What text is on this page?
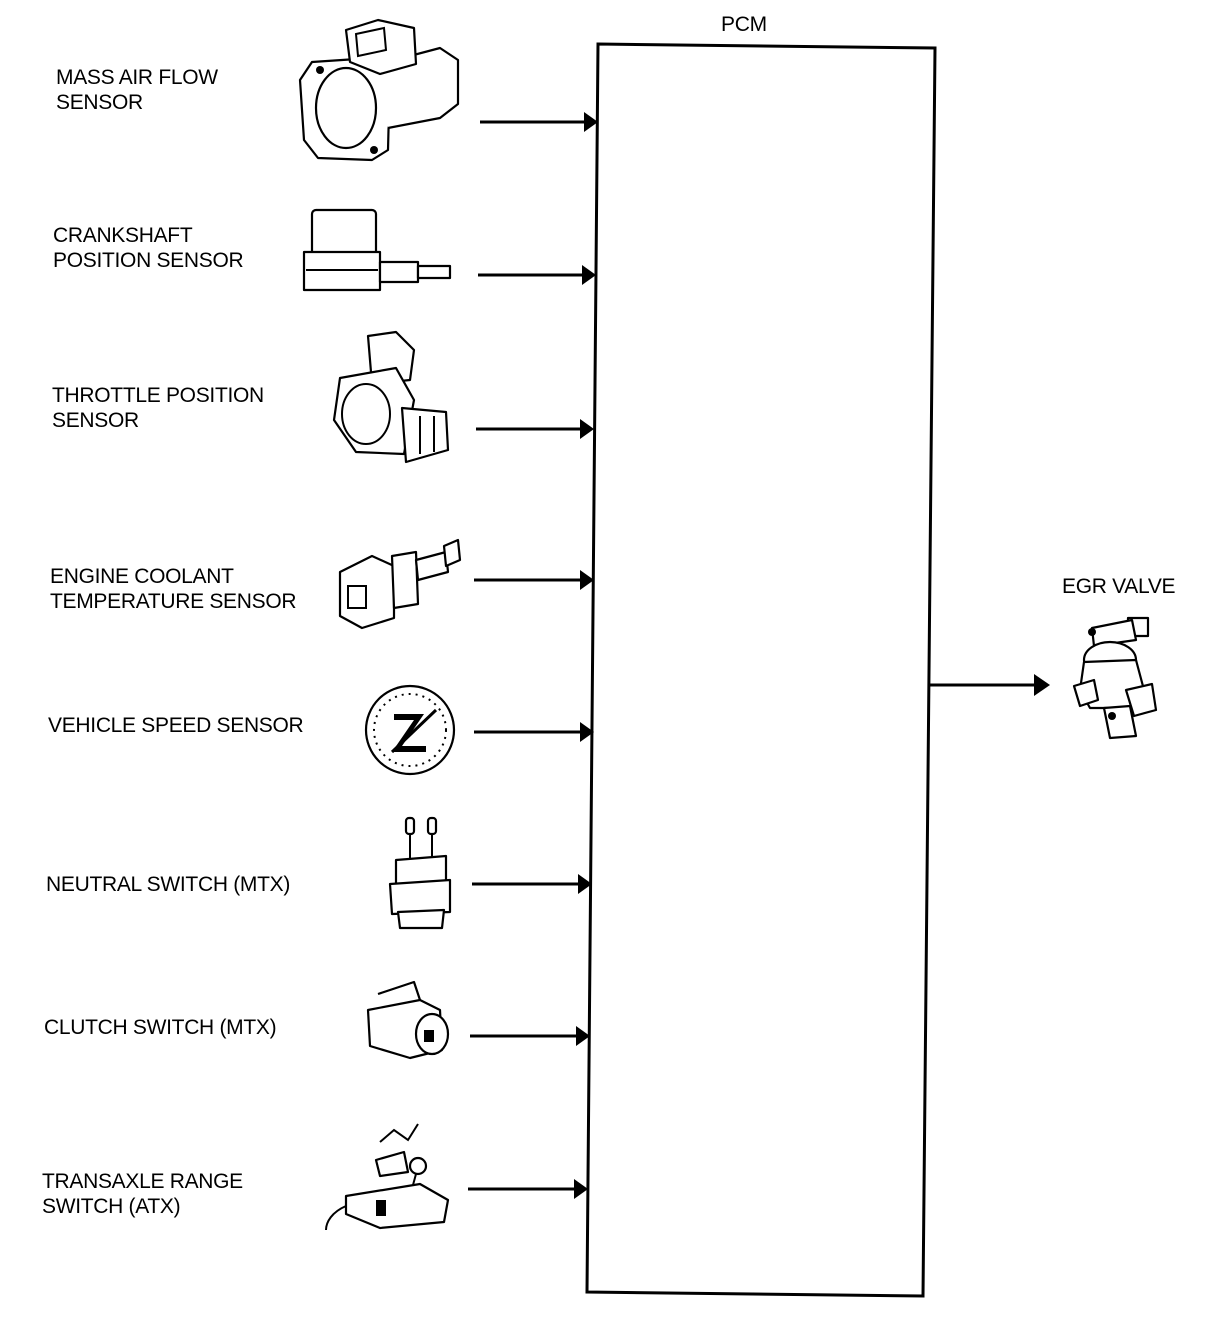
PCM
MASS AIR FLOW
SENSOR
CRANKSHAFT
POSITION SENSOR
THROTTLE POSITION
SENSOR
ENGINE COOLANT
TEMPERATURE SENSOR
VEHICLE SPEED SENSOR
NEUTRAL SWITCH (MTX)
CLUTCH SWITCH (MTX)
TRANSAXLE RANGE
SWITCH (ATX)
EGR VALVE
